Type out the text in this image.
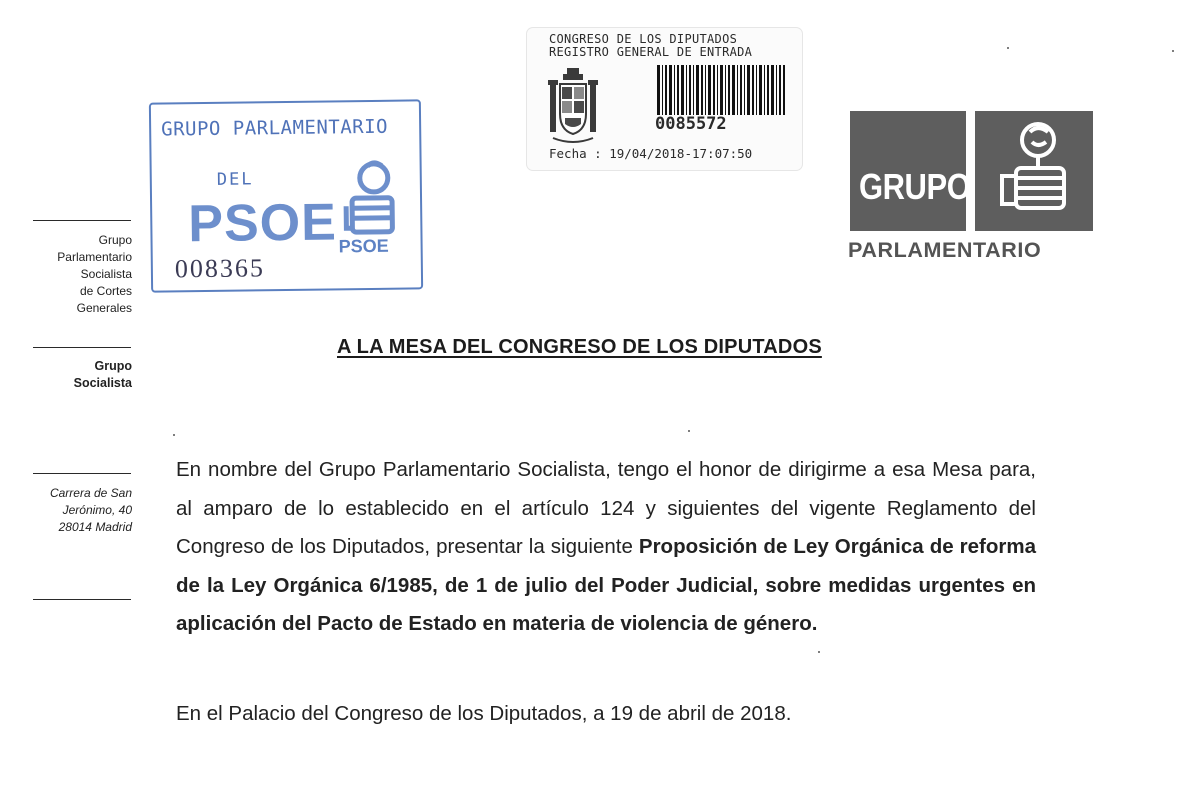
Grupo
Parlamentario
Socialista
de Cortes
Generales
Grupo
Socialista
Carrera de San
Jerónimo, 40
28014 Madrid
GRUPO PARLAMENTARIO
DEL
PSOE PSOE
008365
CONGRESO DE LOS DIPUTADOS
REGISTRO GENERAL DE ENTRADA
0085572
Fecha : 19/04/2018-17:07:50
GRUPO
PARLAMENTARIO
A LA MESA DEL CONGRESO DE LOS DIPUTADOS
En nombre del Grupo Parlamentario Socialista, tengo el honor de dirigirme a esa Mesa para, al amparo de lo establecido en el artículo 124 y siguientes del vigente Reglamento del Congreso de los Diputados, presentar la siguiente Proposición de Ley Orgánica de reforma de la Ley Orgánica 6/1985, de 1 de julio del Poder Judicial, sobre medidas urgentes en aplicación del Pacto de Estado en materia de violencia de género.
En el Palacio del Congreso de los Diputados, a 19 de abril de 2018.
